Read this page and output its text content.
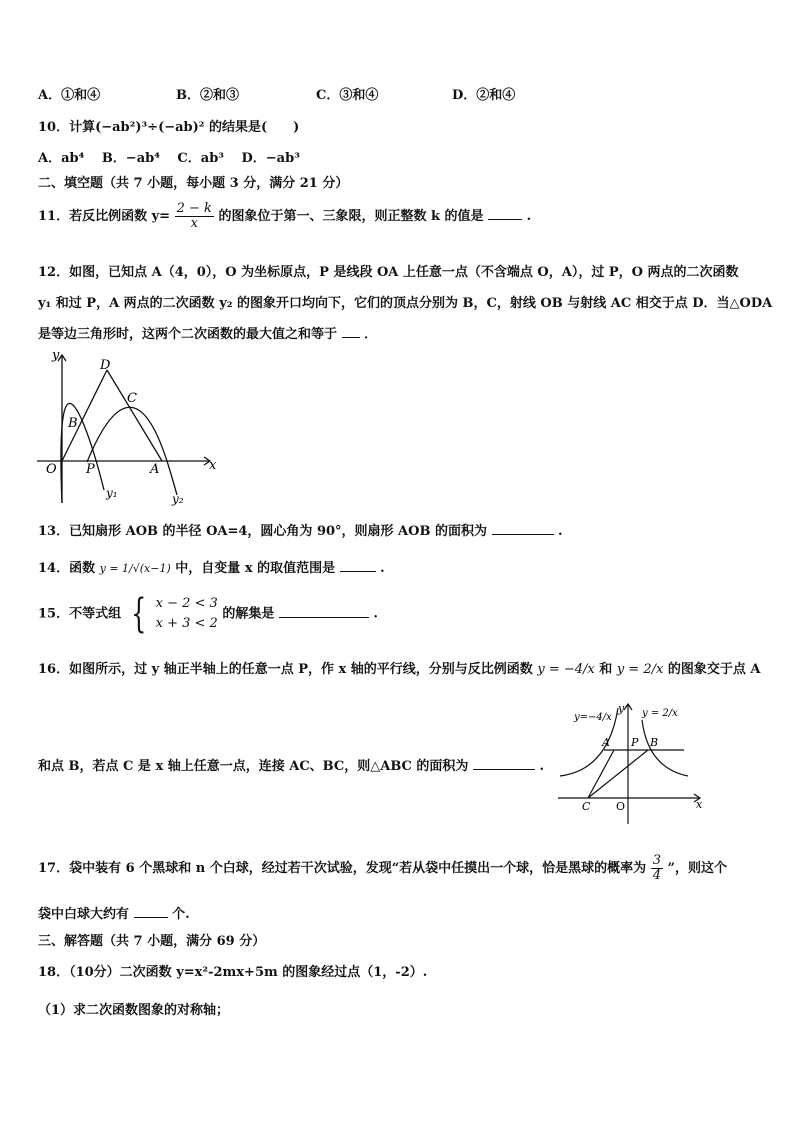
A．①和④	B．②和③	C．③和④	D．②和④
10．计算(−ab²)³÷(−ab)² 的结果是(　　)
A．ab⁴　 B．−ab⁴　 C．ab³　 D．−ab³
二、填空题（共 7 小题，每小题 3 分，满分 21 分）
11．若反比例函数 $y= \frac{2 - k}{x}$ 的图象位于第一、三象限，则正整数 k 的值是	.
12．如图，已知点 A（4，0），O 为坐标原点，P 是线段 OA 上任意一点（不含端点 O，A），过 P，O 两点的二次函数
y₁ 和过 P，A 两点的二次函数 y₂ 的图象开口均向下，它们的顶点分别为 B，C，射线 OB 与射线 AC 相交于点 D．当△ODA
是等边三角形时，这两个二次函数的最大值之和等于 ．
y
x
O P	A
B
C
D
y₁	y₂
13．已知扇形 AOB 的半径 OA=4，圆心角为 90°，则扇形 AOB 的面积为	.
14．函数 y = 1/√(x−1) 中，自变量 x 的取值范围是	.
15．不等式组 { x − 2 < 3
x + 3 < 2
的解集是	.
16．如图所示，过 y 轴正半轴上的任意一点 P，作 x 轴的平行线，分别与反比例函数 y = −4/x 和 y = 2/x 的图象交于点 A
和点 B，若点 C 是 x 轴上任意一点，连接 AC、BC，则△ABC 的面积为	.
y=−4/x	y = 2/x
y
x
A P B
C O
17．袋中装有 6 个黑球和 n 个白球，经过若干次试验，发现“若从袋中任摸出一个球，恰是黑球的概率为 $\frac{3}{4}$ ”，则这个
袋中白球大约有	个.
三、解答题（共 7 小题，满分 69 分）
18．（10分）二次函数 y=x²-2mx+5m 的图象经过点（1，-2）.
（1）求二次函数图象的对称轴；
